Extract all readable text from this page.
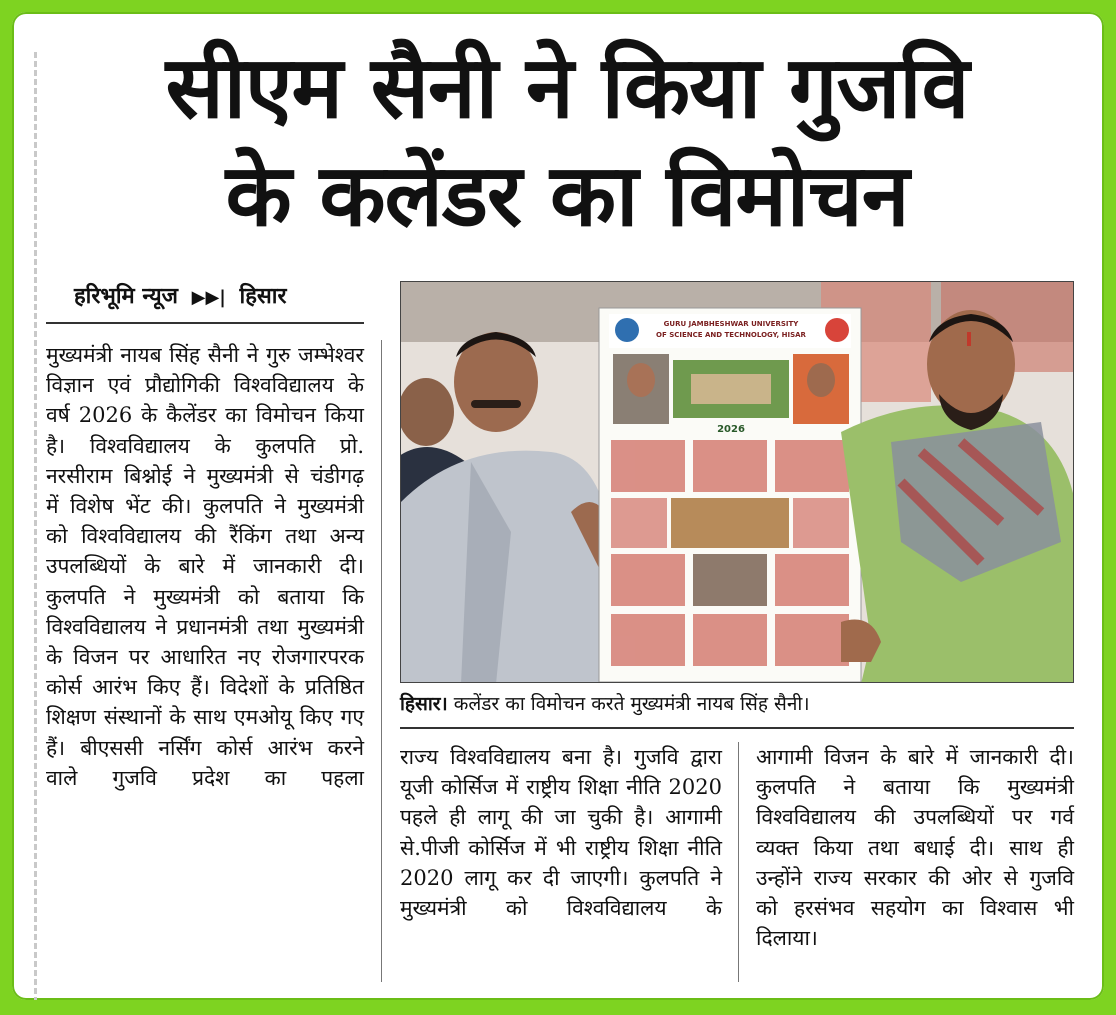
सीएम सैनी ने किया गुजवि
के कलेंडर का विमोचन
हरिभूमि न्यूज ▶▶| हिसार
मुख्यमंत्री नायब सिंह सैनी ने गुरु जम्भेश्वर विज्ञान एवं प्रौद्योगिकी विश्वविद्यालय के वर्ष 2026 के कैलेंडर का विमोचन किया है। विश्वविद्यालय के कुलपति प्रो. नरसीराम बिश्नोई ने मुख्यमंत्री से चंडीगढ़ में विशेष भेंट की। कुलपति ने मुख्यमंत्री को विश्वविद्यालय की रैंकिंग तथा अन्य उपलब्धियों के बारे में जानकारी दी। कुलपति ने मुख्यमंत्री को बताया कि विश्वविद्यालय ने प्रधानमंत्री तथा मुख्यमंत्री के विजन पर आधारित नए रोजगारपरक कोर्स आरंभ किए हैं। विदेशों के प्रतिष्ठित शिक्षण संस्थानों के साथ एमओयू किए गए हैं। बीएससी नर्सिंग कोर्स आरंभ करने वाले गुजवि प्रदेश का पहला
GURU JAMBHESHWAR UNIVERSITY
OF SCIENCE AND TECHNOLOGY, HISAR
2026
हिसार। कलेंडर का विमोचन करते मुख्यमंत्री नायब सिंह सैनी।
राज्य विश्वविद्यालय बना है। गुजवि द्वारा यूजी कोर्सिज में राष्ट्रीय शिक्षा नीति 2020 पहले ही लागू की जा चुकी है। आगामी से.पीजी कोर्सिज में भी राष्ट्रीय शिक्षा नीति 2020 लागू कर दी जाएगी। कुलपति ने मुख्यमंत्री को विश्वविद्यालय के
आगामी विजन के बारे में जानकारी दी। कुलपति ने बताया कि मुख्यमंत्री विश्वविद्यालय की उपलब्धियों पर गर्व व्यक्त किया तथा बधाई दी। साथ ही उन्होंने राज्य सरकार की ओर से गुजवि को हरसंभव सहयोग का विश्वास भी दिलाया।
